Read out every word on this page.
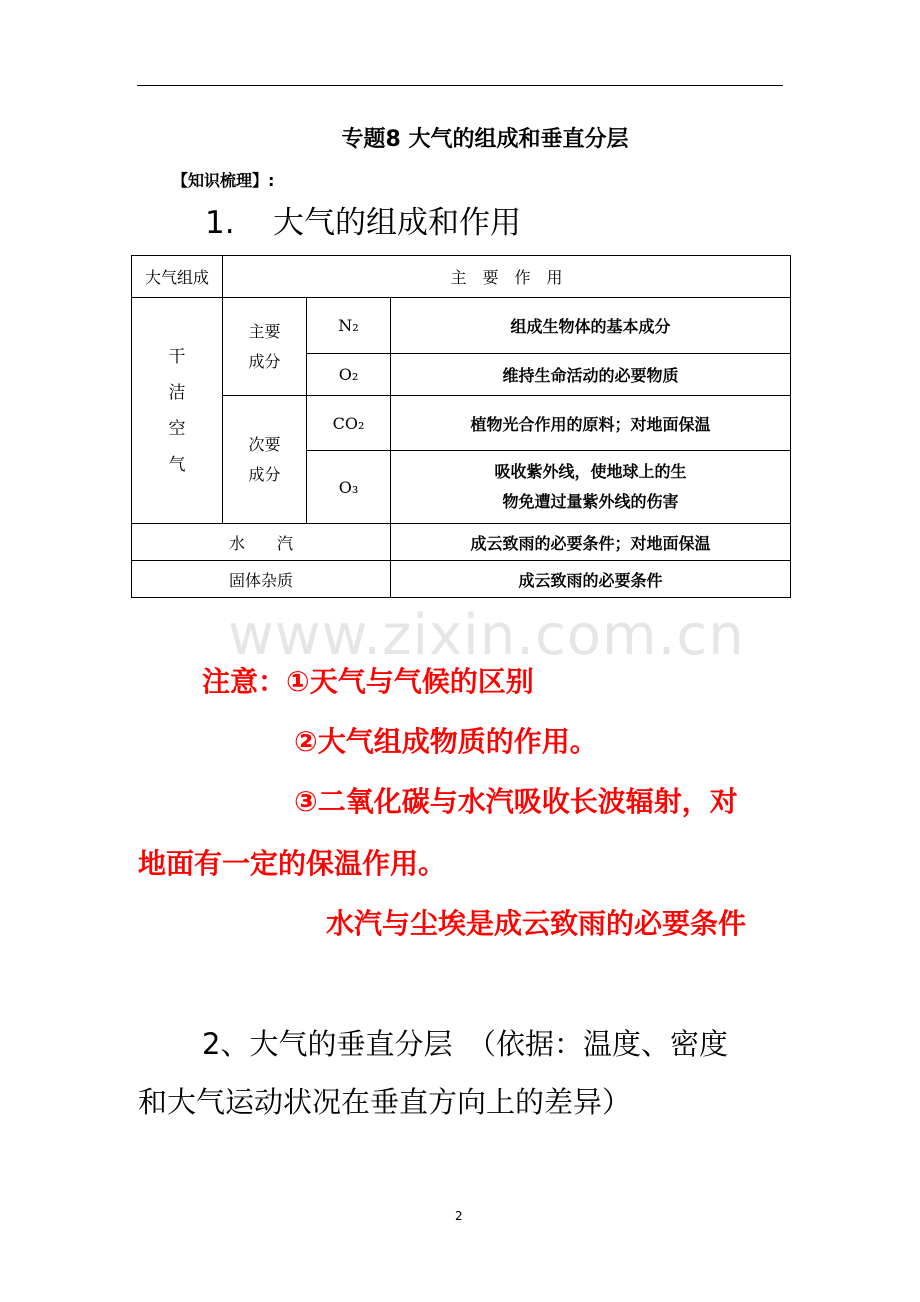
专题8 大气的组成和垂直分层
【知识梳理】:
1. 大气的组成和作用
大气组成	主　要　作　用		
干
洁
空
气	主要成分	N₂	组成生物体的基本成分
		O₂	维持生命活动的必要物质

	次要成分	CO₂	植物光合作用的原料；对地面保温
		O₃	吸收紫外线，使地球上的生
物免遭过量紫外线的伤害

水　　汽			成云致雨的必要条件；对地面保温
固体杂质			成云致雨的必要条件
www.zixin.com.cn
注意：①天气与气候的区别
②大气组成物质的作用。
③二氧化碳与水汽吸收长波辐射，对
地面有一定的保温作用。
水汽与尘埃是成云致雨的必要条件
2、大气的垂直分层　（依据：温度、密度
和大气运动状况在垂直方向上的差异）
2
